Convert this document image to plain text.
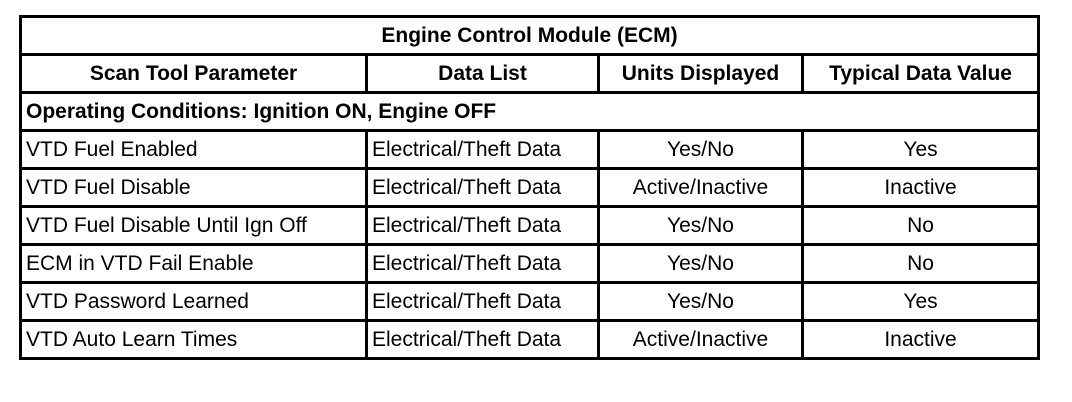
Engine Control Module (ECM)			
Scan Tool Parameter	Data List	Units Displayed	Typical Data Value
Operating Conditions: Ignition ON, Engine OFF			
VTD Fuel Enabled	Electrical/Theft Data	Yes/No	Yes
VTD Fuel Disable	Electrical/Theft Data	Active/Inactive	Inactive
VTD Fuel Disable Until Ign Off	Electrical/Theft Data	Yes/No	No
ECM in VTD Fail Enable	Electrical/Theft Data	Yes/No	No
VTD Password Learned	Electrical/Theft Data	Yes/No	Yes
VTD Auto Learn Times	Electrical/Theft Data	Active/Inactive	Inactive
